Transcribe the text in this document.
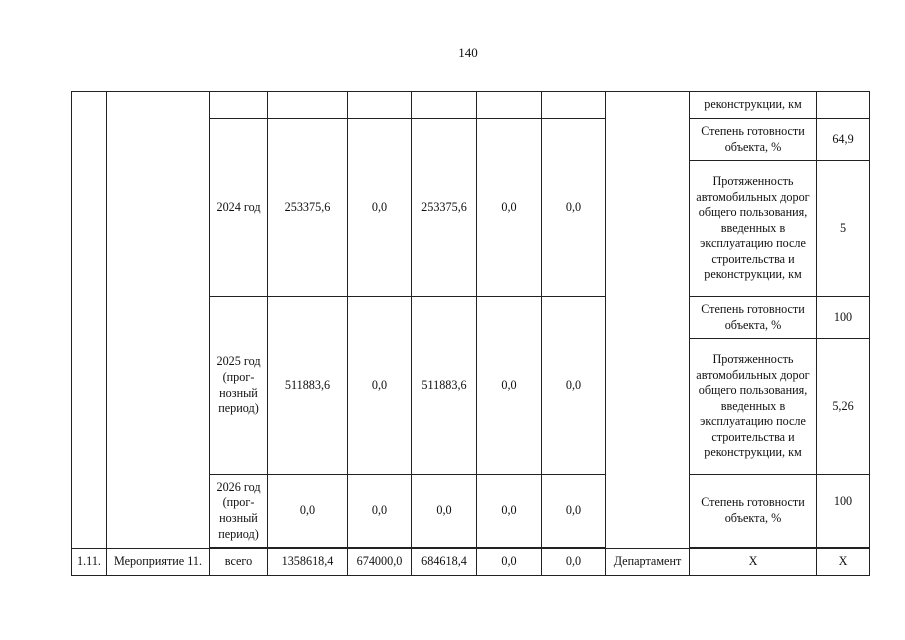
140
									реконструкции, км	
		2024 год	253375,6	0,0	253375,6	0,0	0,0		Степень готовности объекта, %	64,9
									Протяженность автомобильных дорог общего пользования, введенных в эксплуатацию после строительства и реконструкции, км	5
		2025 год (прог-нозный период)	511883,6	0,0	511883,6	0,0	0,0		Степень готовности объекта, %	100
									Протяженность автомобильных дорог общего пользования, введенных в эксплуатацию после строительства и реконструкции, км	5,26
		2026 год (прог-нозный период)	0,0	0,0	0,0	0,0	0,0		Степень готовности объекта, %	100

1.11.	Мероприятие 11.	всего	1358618,4	674000,0	684618,4	0,0	0,0	Департамент	Х	Х
